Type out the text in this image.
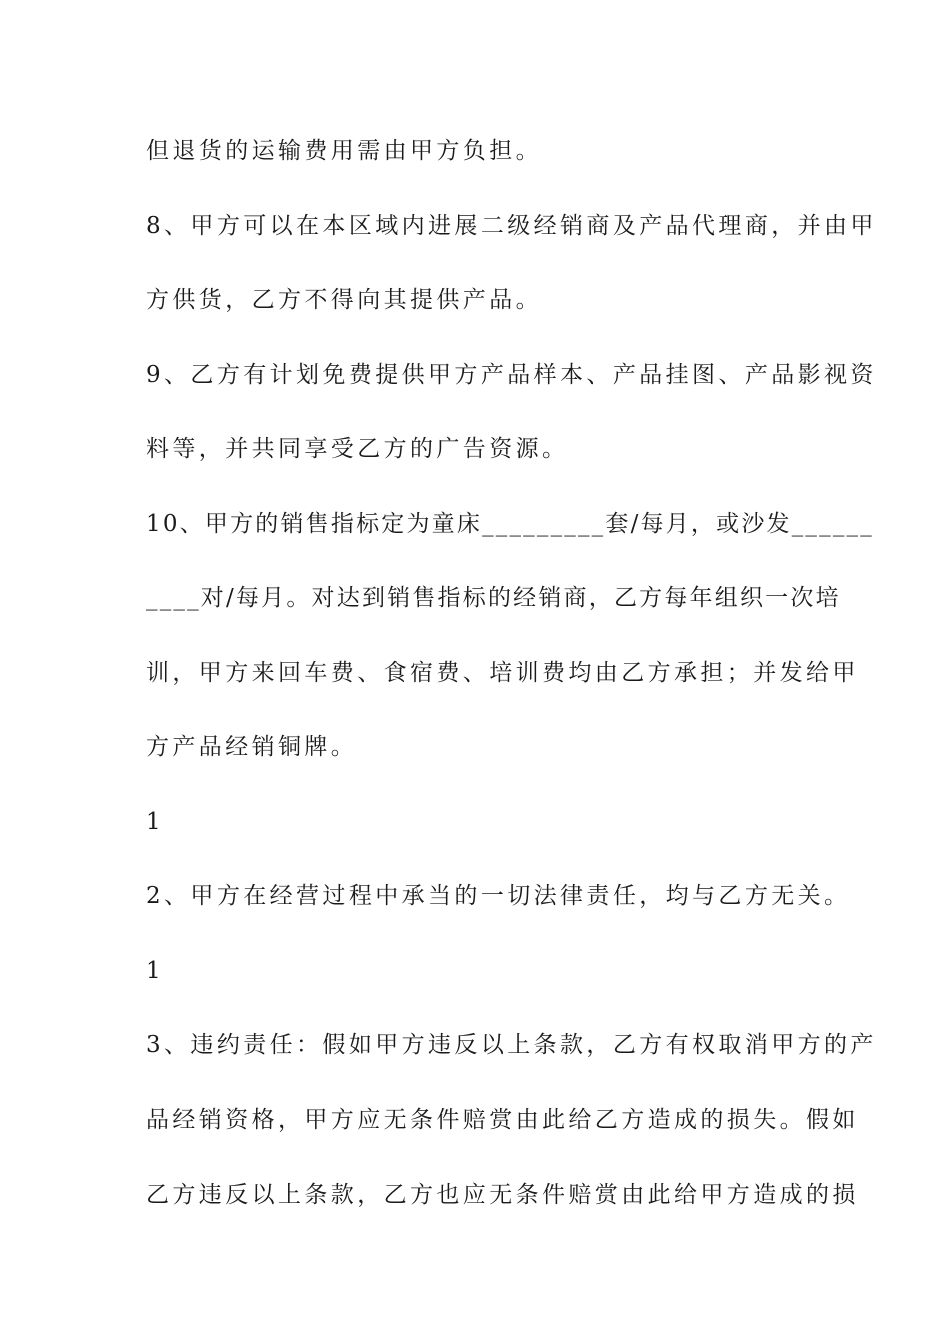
但退货的运输费用需由甲方负担。
8、甲方可以在本区域内进展二级经销商及产品代理商，并由甲
方供货，乙方不得向其提供产品。
9、乙方有计划免费提供甲方产品样本、产品挂图、产品影视资
料等，并共同享受乙方的广告资源。
10、甲方的销售指标定为童床_________套/每月，或沙发______
____对/每月。对达到销售指标的经销商，乙方每年组织一次培
训，甲方来回车费、食宿费、培训费均由乙方承担；并发给甲
方产品经销铜牌。
1
2、甲方在经营过程中承当的一切法律责任，均与乙方无关。
1
3、违约责任：假如甲方违反以上条款，乙方有权取消甲方的产
品经销资格，甲方应无条件赔赏由此给乙方造成的损失。假如
乙方违反以上条款，乙方也应无条件赔赏由此给甲方造成的损
